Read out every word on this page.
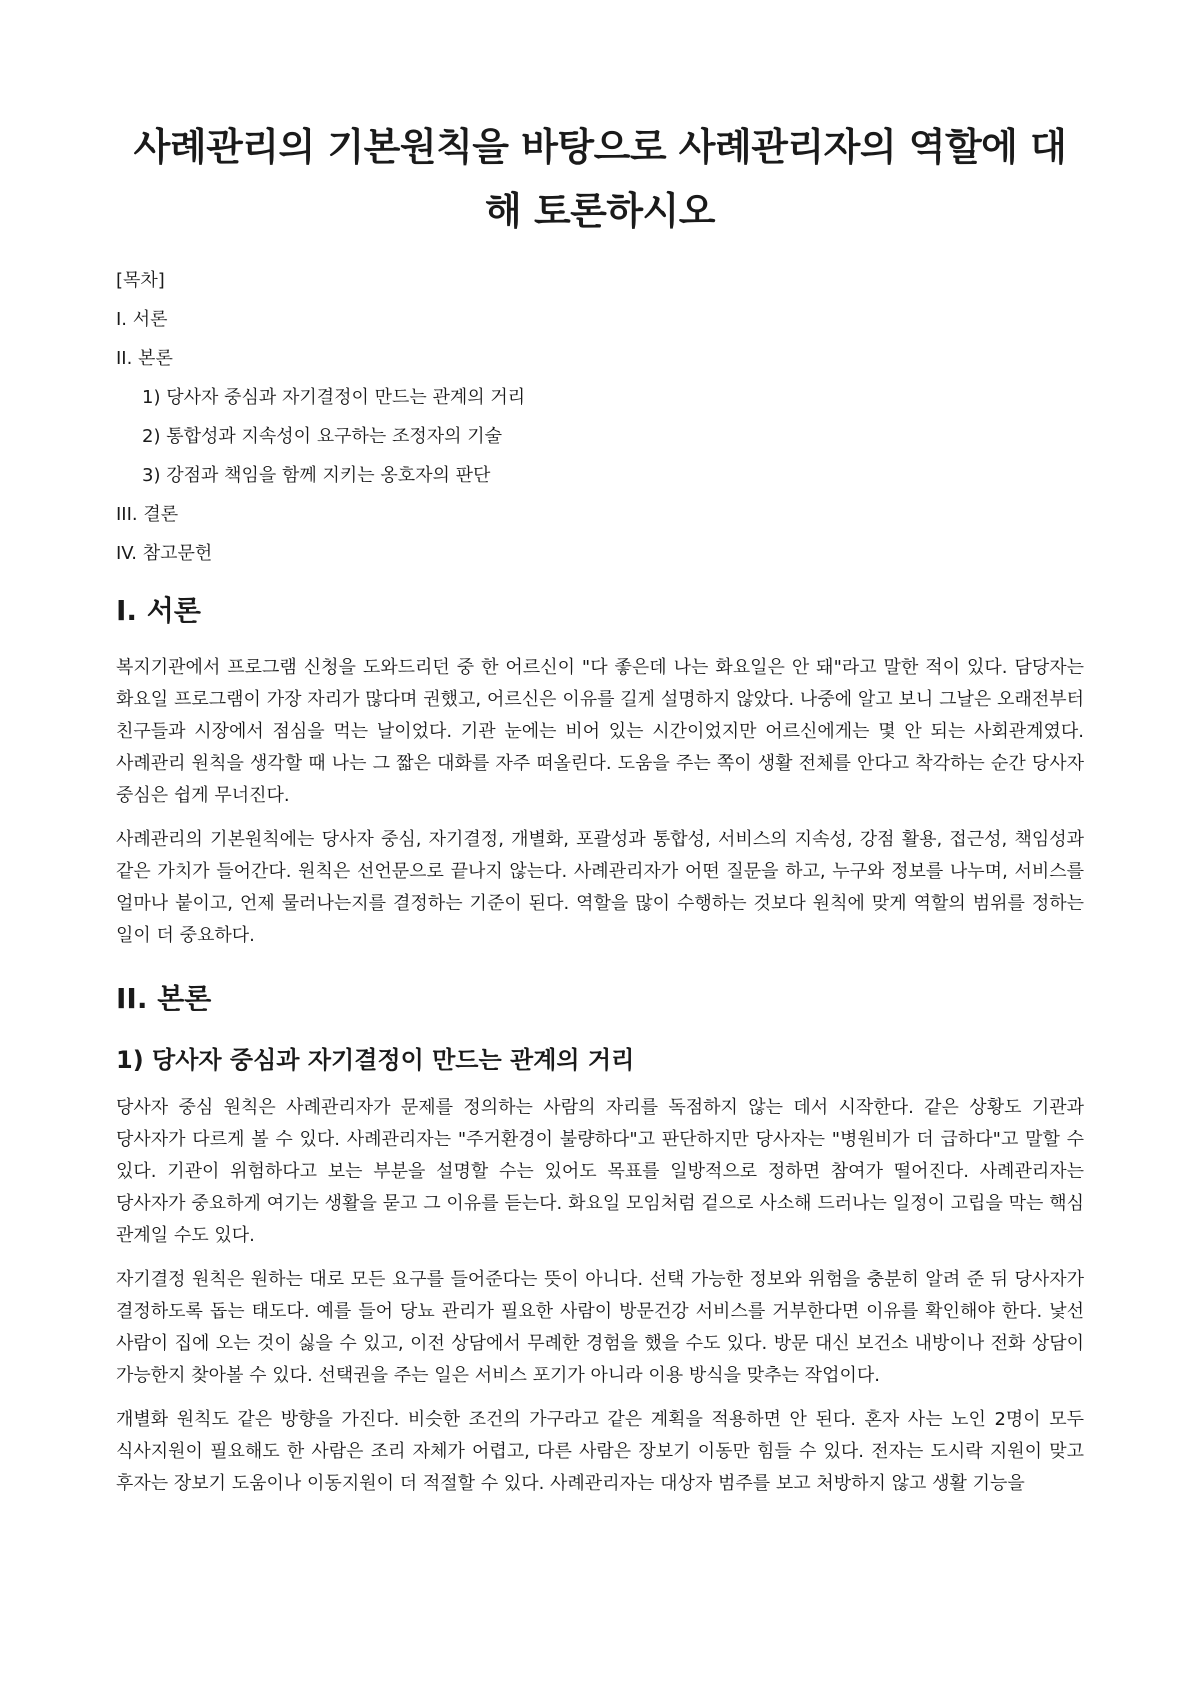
사례관리의 기본원칙을 바탕으로 사례관리자의 역할에 대해 토론하시오
[목차]
I. 서론
II. 본론
1) 당사자 중심과 자기결정이 만드는 관계의 거리
2) 통합성과 지속성이 요구하는 조정자의 기술
3) 강점과 책임을 함께 지키는 옹호자의 판단
III. 결론
IV. 참고문헌
I. 서론

복지기관에서 프로그램 신청을 도와드리던 중 한 어르신이 "다 좋은데 나는 화요일은 안 돼"라고 말한 적이 있다. 담당자는 화요일 프로그램이 가장 자리가 많다며 권했고, 어르신은 이유를 길게 설명하지 않았다. 나중에 알고 보니 그날은 오래전부터 친구들과 시장에서 점심을 먹는 날이었다. 기관 눈에는 비어 있는 시간이었지만 어르신에게는 몇 안 되는 사회관계였다. 사례관리 원칙을 생각할 때 나는 그 짧은 대화를 자주 떠올린다. 도움을 주는 쪽이 생활 전체를 안다고 착각하는 순간 당사자 중심은 쉽게 무너진다.

사례관리의 기본원칙에는 당사자 중심, 자기결정, 개별화, 포괄성과 통합성, 서비스의 지속성, 강점 활용, 접근성, 책임성과 같은 가치가 들어간다. 원칙은 선언문으로 끝나지 않는다. 사례관리자가 어떤 질문을 하고, 누구와 정보를 나누며, 서비스를 얼마나 붙이고, 언제 물러나는지를 결정하는 기준이 된다. 역할을 많이 수행하는 것보다 원칙에 맞게 역할의 범위를 정하는 일이 더 중요하다.

II. 본론
1) 당사자 중심과 자기결정이 만드는 관계의 거리

당사자 중심 원칙은 사례관리자가 문제를 정의하는 사람의 자리를 독점하지 않는 데서 시작한다. 같은 상황도 기관과 당사자가 다르게 볼 수 있다. 사례관리자는 "주거환경이 불량하다"고 판단하지만 당사자는 "병원비가 더 급하다"고 말할 수 있다. 기관이 위험하다고 보는 부분을 설명할 수는 있어도 목표를 일방적으로 정하면 참여가 떨어진다. 사례관리자는 당사자가 중요하게 여기는 생활을 묻고 그 이유를 듣는다. 화요일 모임처럼 겉으로 사소해 드러나는 일정이 고립을 막는 핵심 관계일 수도 있다.

자기결정 원칙은 원하는 대로 모든 요구를 들어준다는 뜻이 아니다. 선택 가능한 정보와 위험을 충분히 알려 준 뒤 당사자가 결정하도록 돕는 태도다. 예를 들어 당뇨 관리가 필요한 사람이 방문건강 서비스를 거부한다면 이유를 확인해야 한다. 낯선 사람이 집에 오는 것이 싫을 수 있고, 이전 상담에서 무례한 경험을 했을 수도 있다. 방문 대신 보건소 내방이나 전화 상담이 가능한지 찾아볼 수 있다. 선택권을 주는 일은 서비스 포기가 아니라 이용 방식을 맞추는 작업이다.

개별화 원칙도 같은 방향을 가진다. 비슷한 조건의 가구라고 같은 계획을 적용하면 안 된다. 혼자 사는 노인 2명이 모두 식사지원이 필요해도 한 사람은 조리 자체가 어렵고, 다른 사람은 장보기 이동만 힘들 수 있다. 전자는 도시락 지원이 맞고 후자는 장보기 도움이나 이동지원이 더 적절할 수 있다. 사례관리자는 대상자 범주를 보고 처방하지 않고 생활 기능을
